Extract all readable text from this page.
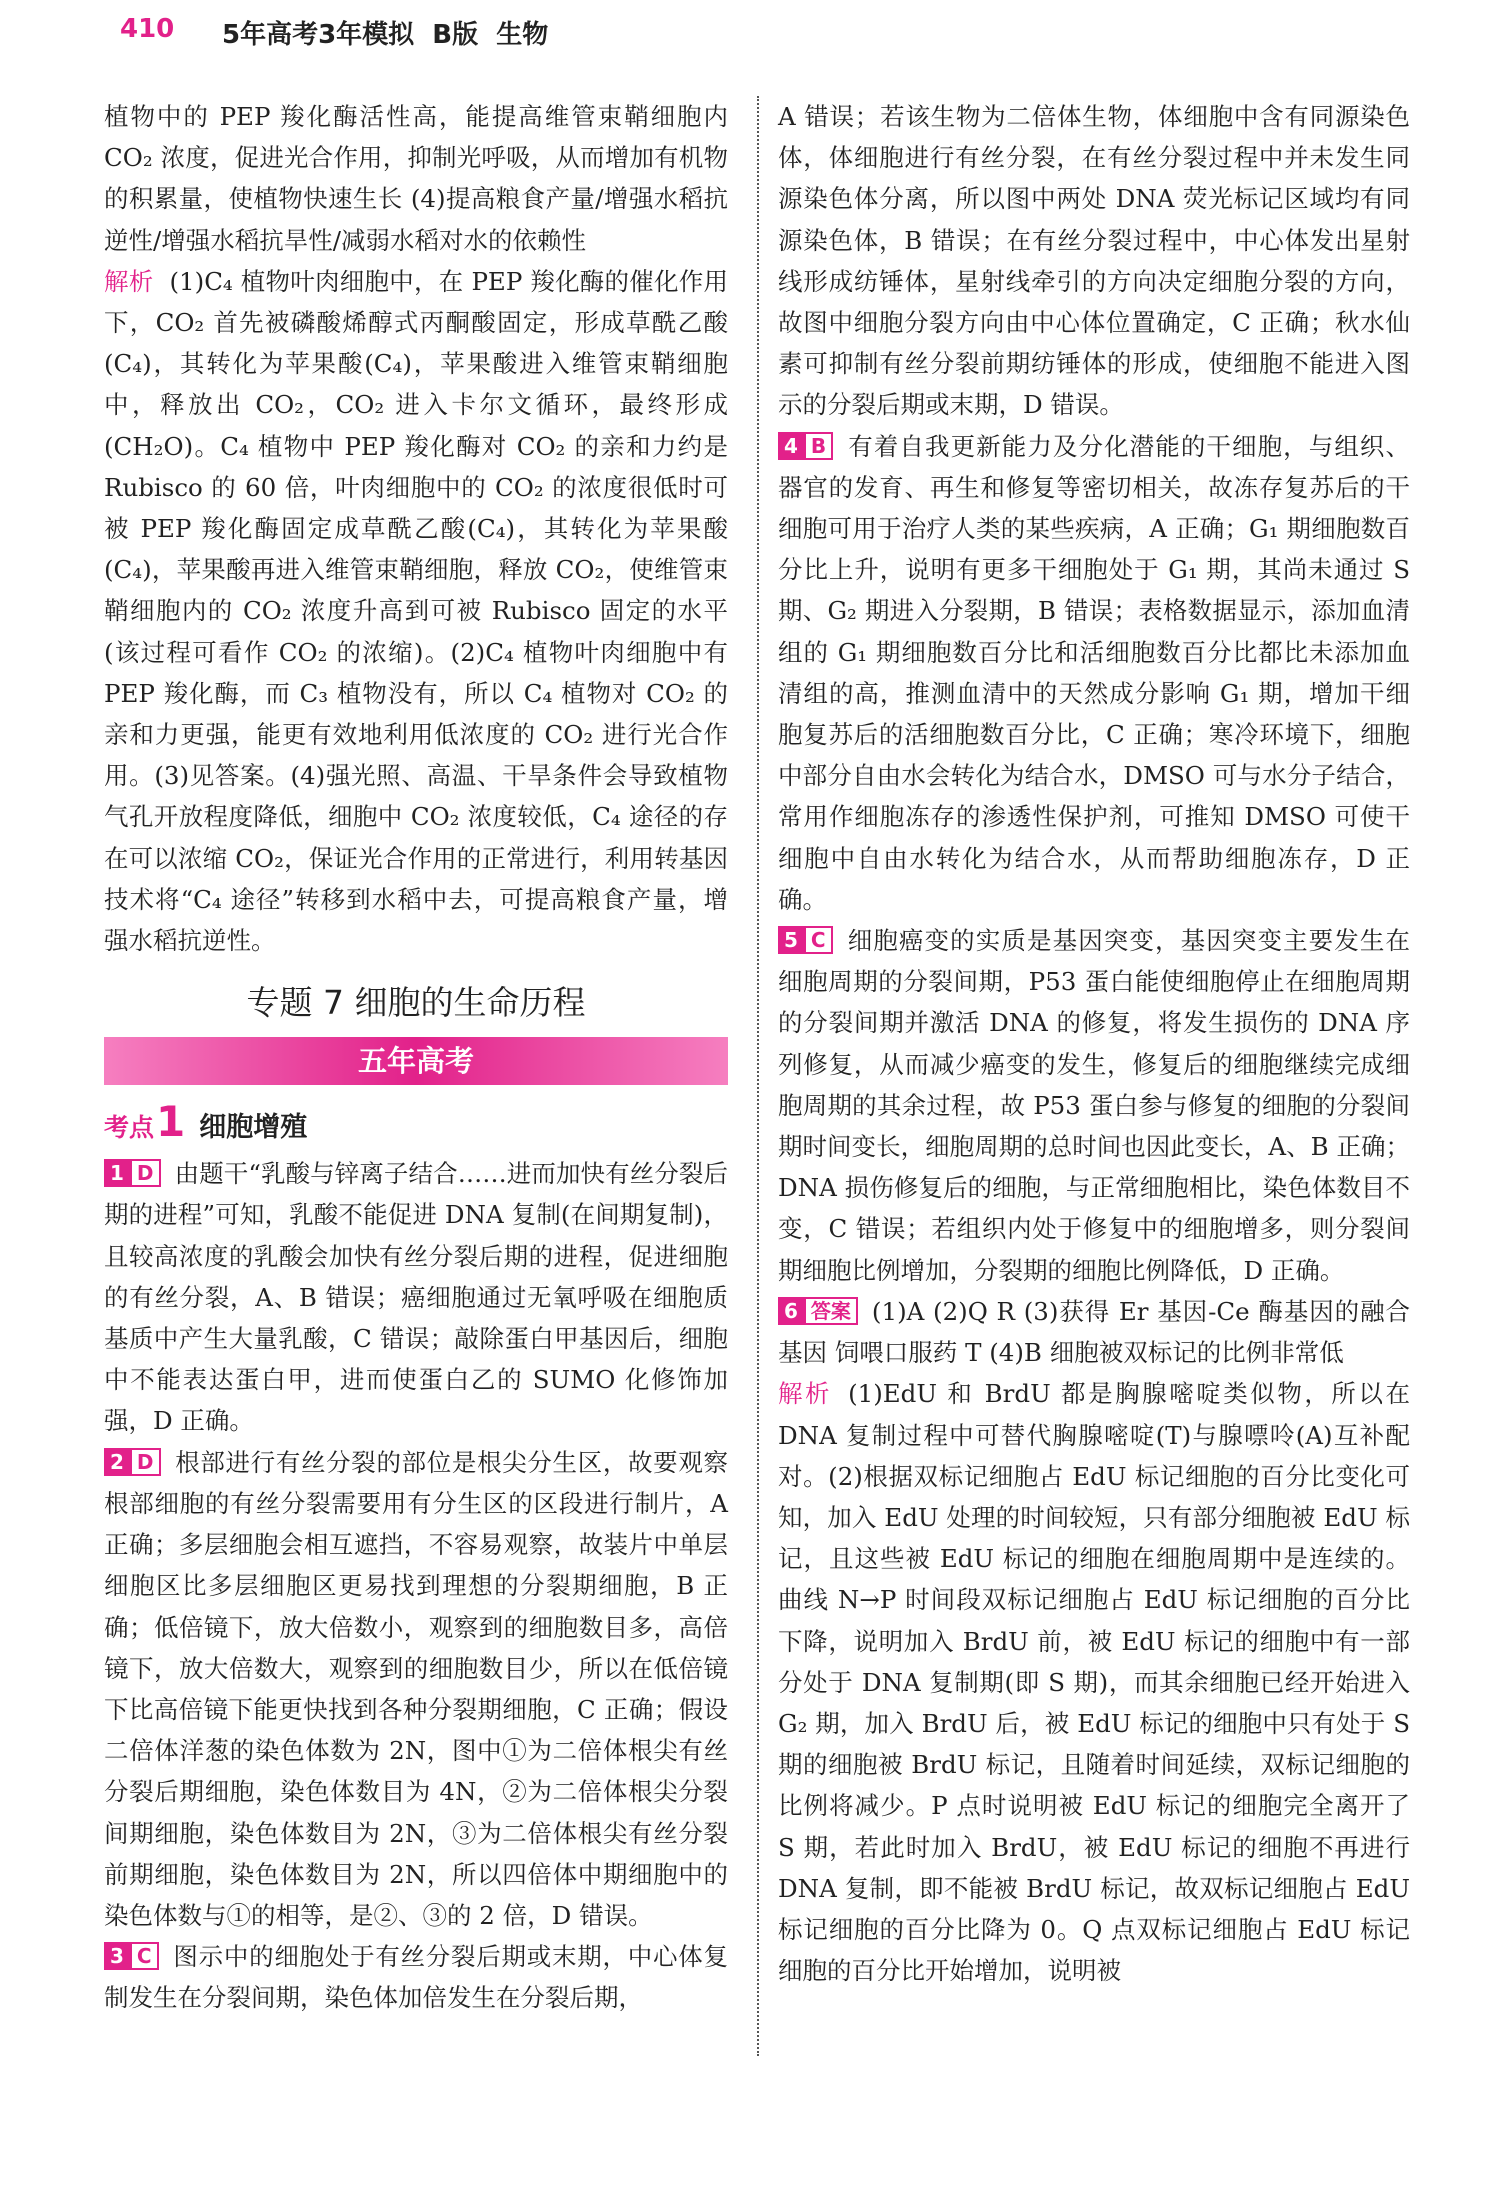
410 5年高考3年模拟  B版  生物

植物中的 PEP 羧化酶活性高，能提高维管束鞘细胞内 CO₂ 浓度，促进光合作用，抑制光呼吸，从而增加有机物的积累量，使植物快速生长 (4)提高粮食产量/增强水稻抗逆性/增强水稻抗旱性/减弱水稻对水的依赖性

解析 (1)C₄ 植物叶肉细胞中，在 PEP 羧化酶的催化作用下，CO₂ 首先被磷酸烯醇式丙酮酸固定，形成草酰乙酸(C₄)，其转化为苹果酸(C₄)，苹果酸进入维管束鞘细胞中，释放出 CO₂，CO₂ 进入卡尔文循环，最终形成(CH₂O)。C₄ 植物中 PEP 羧化酶对 CO₂ 的亲和力约是 Rubisco 的 60 倍，叶肉细胞中的 CO₂ 的浓度很低时可被 PEP 羧化酶固定成草酰乙酸(C₄)，其转化为苹果酸(C₄)，苹果酸再进入维管束鞘细胞，释放 CO₂，使维管束鞘细胞内的 CO₂ 浓度升高到可被 Rubisco 固定的水平(该过程可看作 CO₂ 的浓缩)。(2)C₄ 植物叶肉细胞中有 PEP 羧化酶，而 C₃ 植物没有，所以 C₄ 植物对 CO₂ 的亲和力更强，能更有效地利用低浓度的 CO₂ 进行光合作用。(3)见答案。(4)强光照、高温、干旱条件会导致植物气孔开放程度降低，细胞中 CO₂ 浓度较低，C₄ 途径的存在可以浓缩 CO₂，保证光合作用的正常进行，利用转基因技术将“C₄ 途径”转移到水稻中去，可提高粮食产量，增强水稻抗逆性。

专题 7 细胞的生命历程
五年高考
考点1 细胞增殖

1 D 由题干“乳酸与锌离子结合……进而加快有丝分裂后期的进程”可知，乳酸不能促进 DNA 复制(在间期复制)，且较高浓度的乳酸会加快有丝分裂后期的进程，促进细胞的有丝分裂，A、B 错误；癌细胞通过无氧呼吸在细胞质基质中产生大量乳酸，C 错误；敲除蛋白甲基因后，细胞中不能表达蛋白甲，进而使蛋白乙的 SUMO 化修饰加强，D 正确。

2 D 根部进行有丝分裂的部位是根尖分生区，故要观察根部细胞的有丝分裂需要用有分生区的区段进行制片，A 正确；多层细胞会相互遮挡，不容易观察，故装片中单层细胞区比多层细胞区更易找到理想的分裂期细胞，B 正确；低倍镜下，放大倍数小，观察到的细胞数目多，高倍镜下，放大倍数大，观察到的细胞数目少，所以在低倍镜下比高倍镜下能更快找到各种分裂期细胞，C 正确；假设二倍体洋葱的染色体数为 2N，图中①为二倍体根尖有丝分裂后期细胞，染色体数目为 4N，②为二倍体根尖分裂间期细胞，染色体数目为 2N，③为二倍体根尖有丝分裂前期细胞，染色体数目为 2N，所以四倍体中期细胞中的染色体数与①的相等，是②、③的 2 倍，D 错误。

3 C 图示中的细胞处于有丝分裂后期或末期，中心体复制发生在分裂间期，染色体加倍发生在分裂后期，

A 错误；若该生物为二倍体生物，体细胞中含有同源染色体，体细胞进行有丝分裂，在有丝分裂过程中并未发生同源染色体分离，所以图中两处 DNA 荧光标记区域均有同源染色体，B 错误；在有丝分裂过程中，中心体发出星射线形成纺锤体，星射线牵引的方向决定细胞分裂的方向，故图中细胞分裂方向由中心体位置确定，C 正确；秋水仙素可抑制有丝分裂前期纺锤体的形成，使细胞不能进入图示的分裂后期或末期，D 错误。

4 B 有着自我更新能力及分化潜能的干细胞，与组织、器官的发育、再生和修复等密切相关，故冻存复苏后的干细胞可用于治疗人类的某些疾病，A 正确；G₁ 期细胞数百分比上升，说明有更多干细胞处于 G₁ 期，其尚未通过 S 期、G₂ 期进入分裂期，B 错误；表格数据显示，添加血清组的 G₁ 期细胞数百分比和活细胞数百分比都比未添加血清组的高，推测血清中的天然成分影响 G₁ 期，增加干细胞复苏后的活细胞数百分比，C 正确；寒冷环境下，细胞中部分自由水会转化为结合水，DMSO 可与水分子结合，常用作细胞冻存的渗透性保护剂，可推知 DMSO 可使干细胞中自由水转化为结合水，从而帮助细胞冻存，D 正确。

5 C 细胞癌变的实质是基因突变，基因突变主要发生在细胞周期的分裂间期，P53 蛋白能使细胞停止在细胞周期的分裂间期并激活 DNA 的修复，将发生损伤的 DNA 序列修复，从而减少癌变的发生，修复后的细胞继续完成细胞周期的其余过程，故 P53 蛋白参与修复的细胞的分裂间期时间变长，细胞周期的总时间也因此变长，A、B 正确；DNA 损伤修复后的细胞，与正常细胞相比，染色体数目不变，C 错误；若组织内处于修复中的细胞增多，则分裂间期细胞比例增加，分裂期的细胞比例降低，D 正确。

6 答案 (1)A (2)Q R (3)获得 Er 基因-Ce 酶基因的融合基因 饲喂口服药 T (4)B 细胞被双标记的比例非常低

解析 (1)EdU 和 BrdU 都是胸腺嘧啶类似物，所以在 DNA 复制过程中可替代胸腺嘧啶(T)与腺嘌呤(A)互补配对。(2)根据双标记细胞占 EdU 标记细胞的百分比变化可知，加入 EdU 处理的时间较短，只有部分细胞被 EdU 标记，且这些被 EdU 标记的细胞在细胞周期中是连续的。曲线 N→P 时间段双标记细胞占 EdU 标记细胞的百分比下降，说明加入 BrdU 前，被 EdU 标记的细胞中有一部分处于 DNA 复制期(即 S 期)，而其余细胞已经开始进入 G₂ 期，加入 BrdU 后，被 EdU 标记的细胞中只有处于 S 期的细胞被 BrdU 标记，且随着时间延续，双标记细胞的比例将减少。P 点时说明被 EdU 标记的细胞完全离开了 S 期，若此时加入 BrdU，被 EdU 标记的细胞不再进行 DNA 复制，即不能被 BrdU 标记，故双标记细胞占 EdU 标记细胞的百分比降为 0。Q 点双标记细胞占 EdU 标记细胞的百分比开始增加，说明被
